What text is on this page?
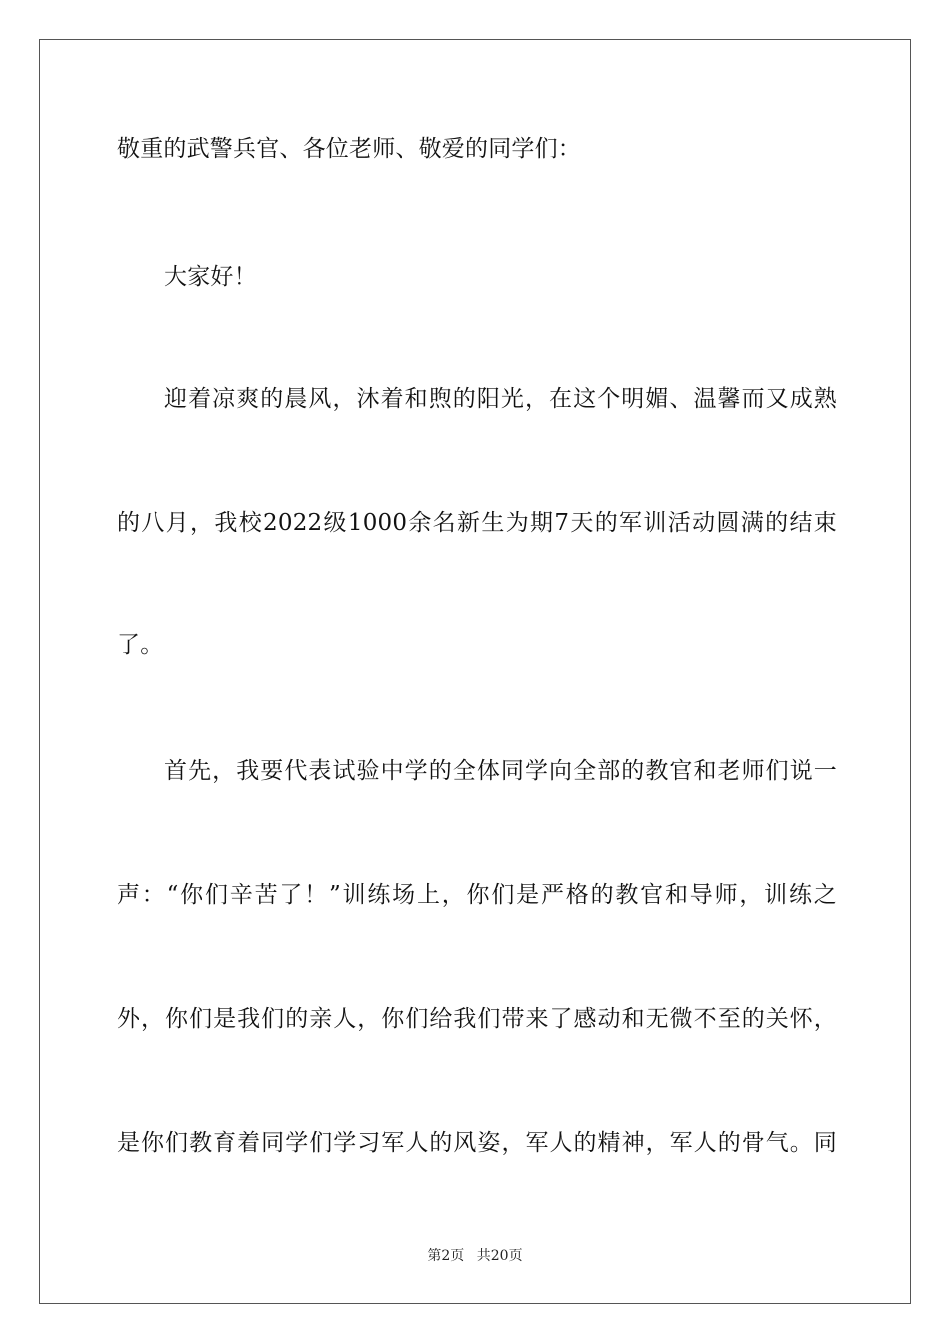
敬重的武警兵官、各位老师、敬爱的同学们：
大家好！
迎着凉爽的晨风，沐着和煦的阳光，在这个明媚、温馨而又成熟
的八月，我校2022级1000余名新生为期7天的军训活动圆满的结束
了。
首先，我要代表试验中学的全体同学向全部的教官和老师们说一
声：“你们辛苦了！”训练场上，你们是严格的教官和导师，训练之
外，你们是我们的亲人，你们给我们带来了感动和无微不至的关怀，
是你们教育着同学们学习军人的风姿，军人的精神，军人的骨气。同
第2页 共20页
